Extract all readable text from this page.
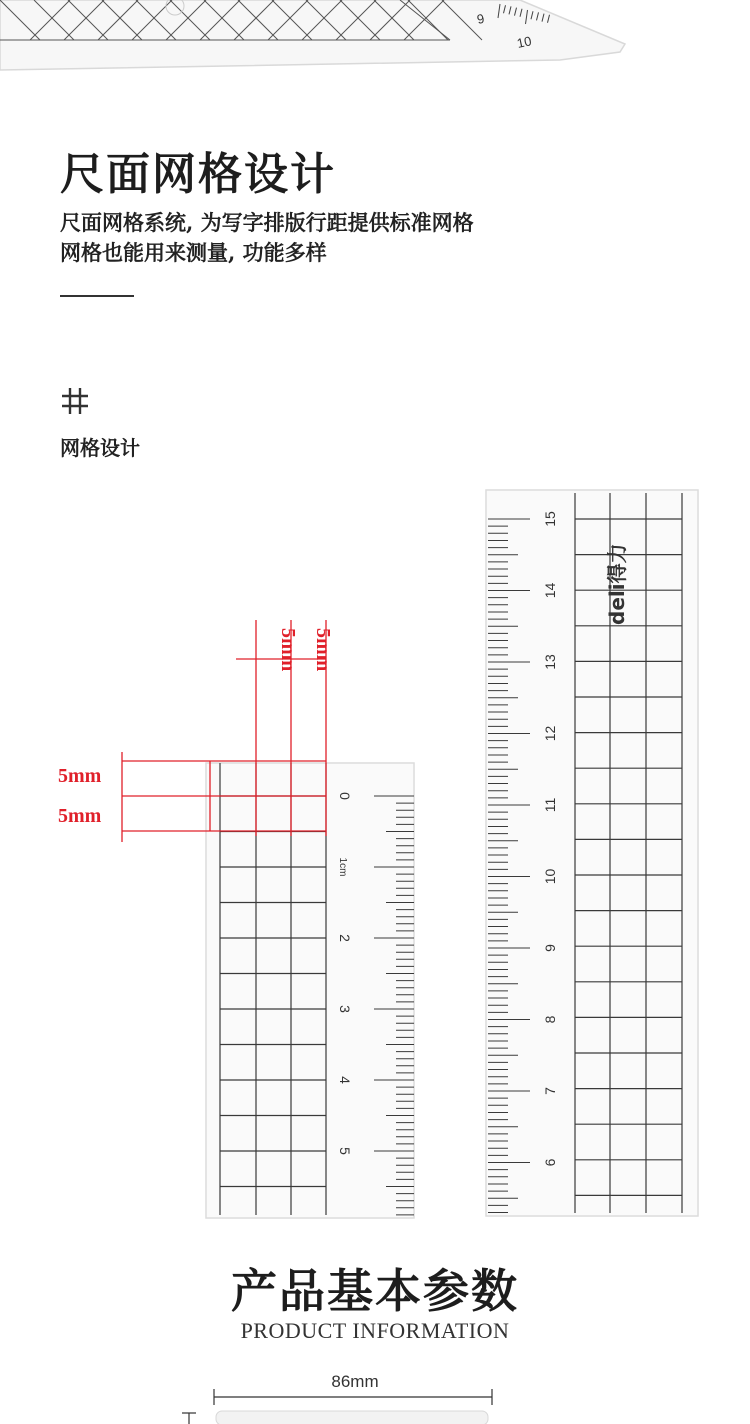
9
10
尺面网格设计
尺面网格系统, 为写字排版行距提供标准网格
网格也能用来测量, 功能多样
网格设计
0
1cm
2
3
4
5
5mm 5mm
5mm
5mm
15
14
13
12
11
10
9
8
7
6
deli得力
产品基本参数
PRODUCT INFORMATION
86mm
